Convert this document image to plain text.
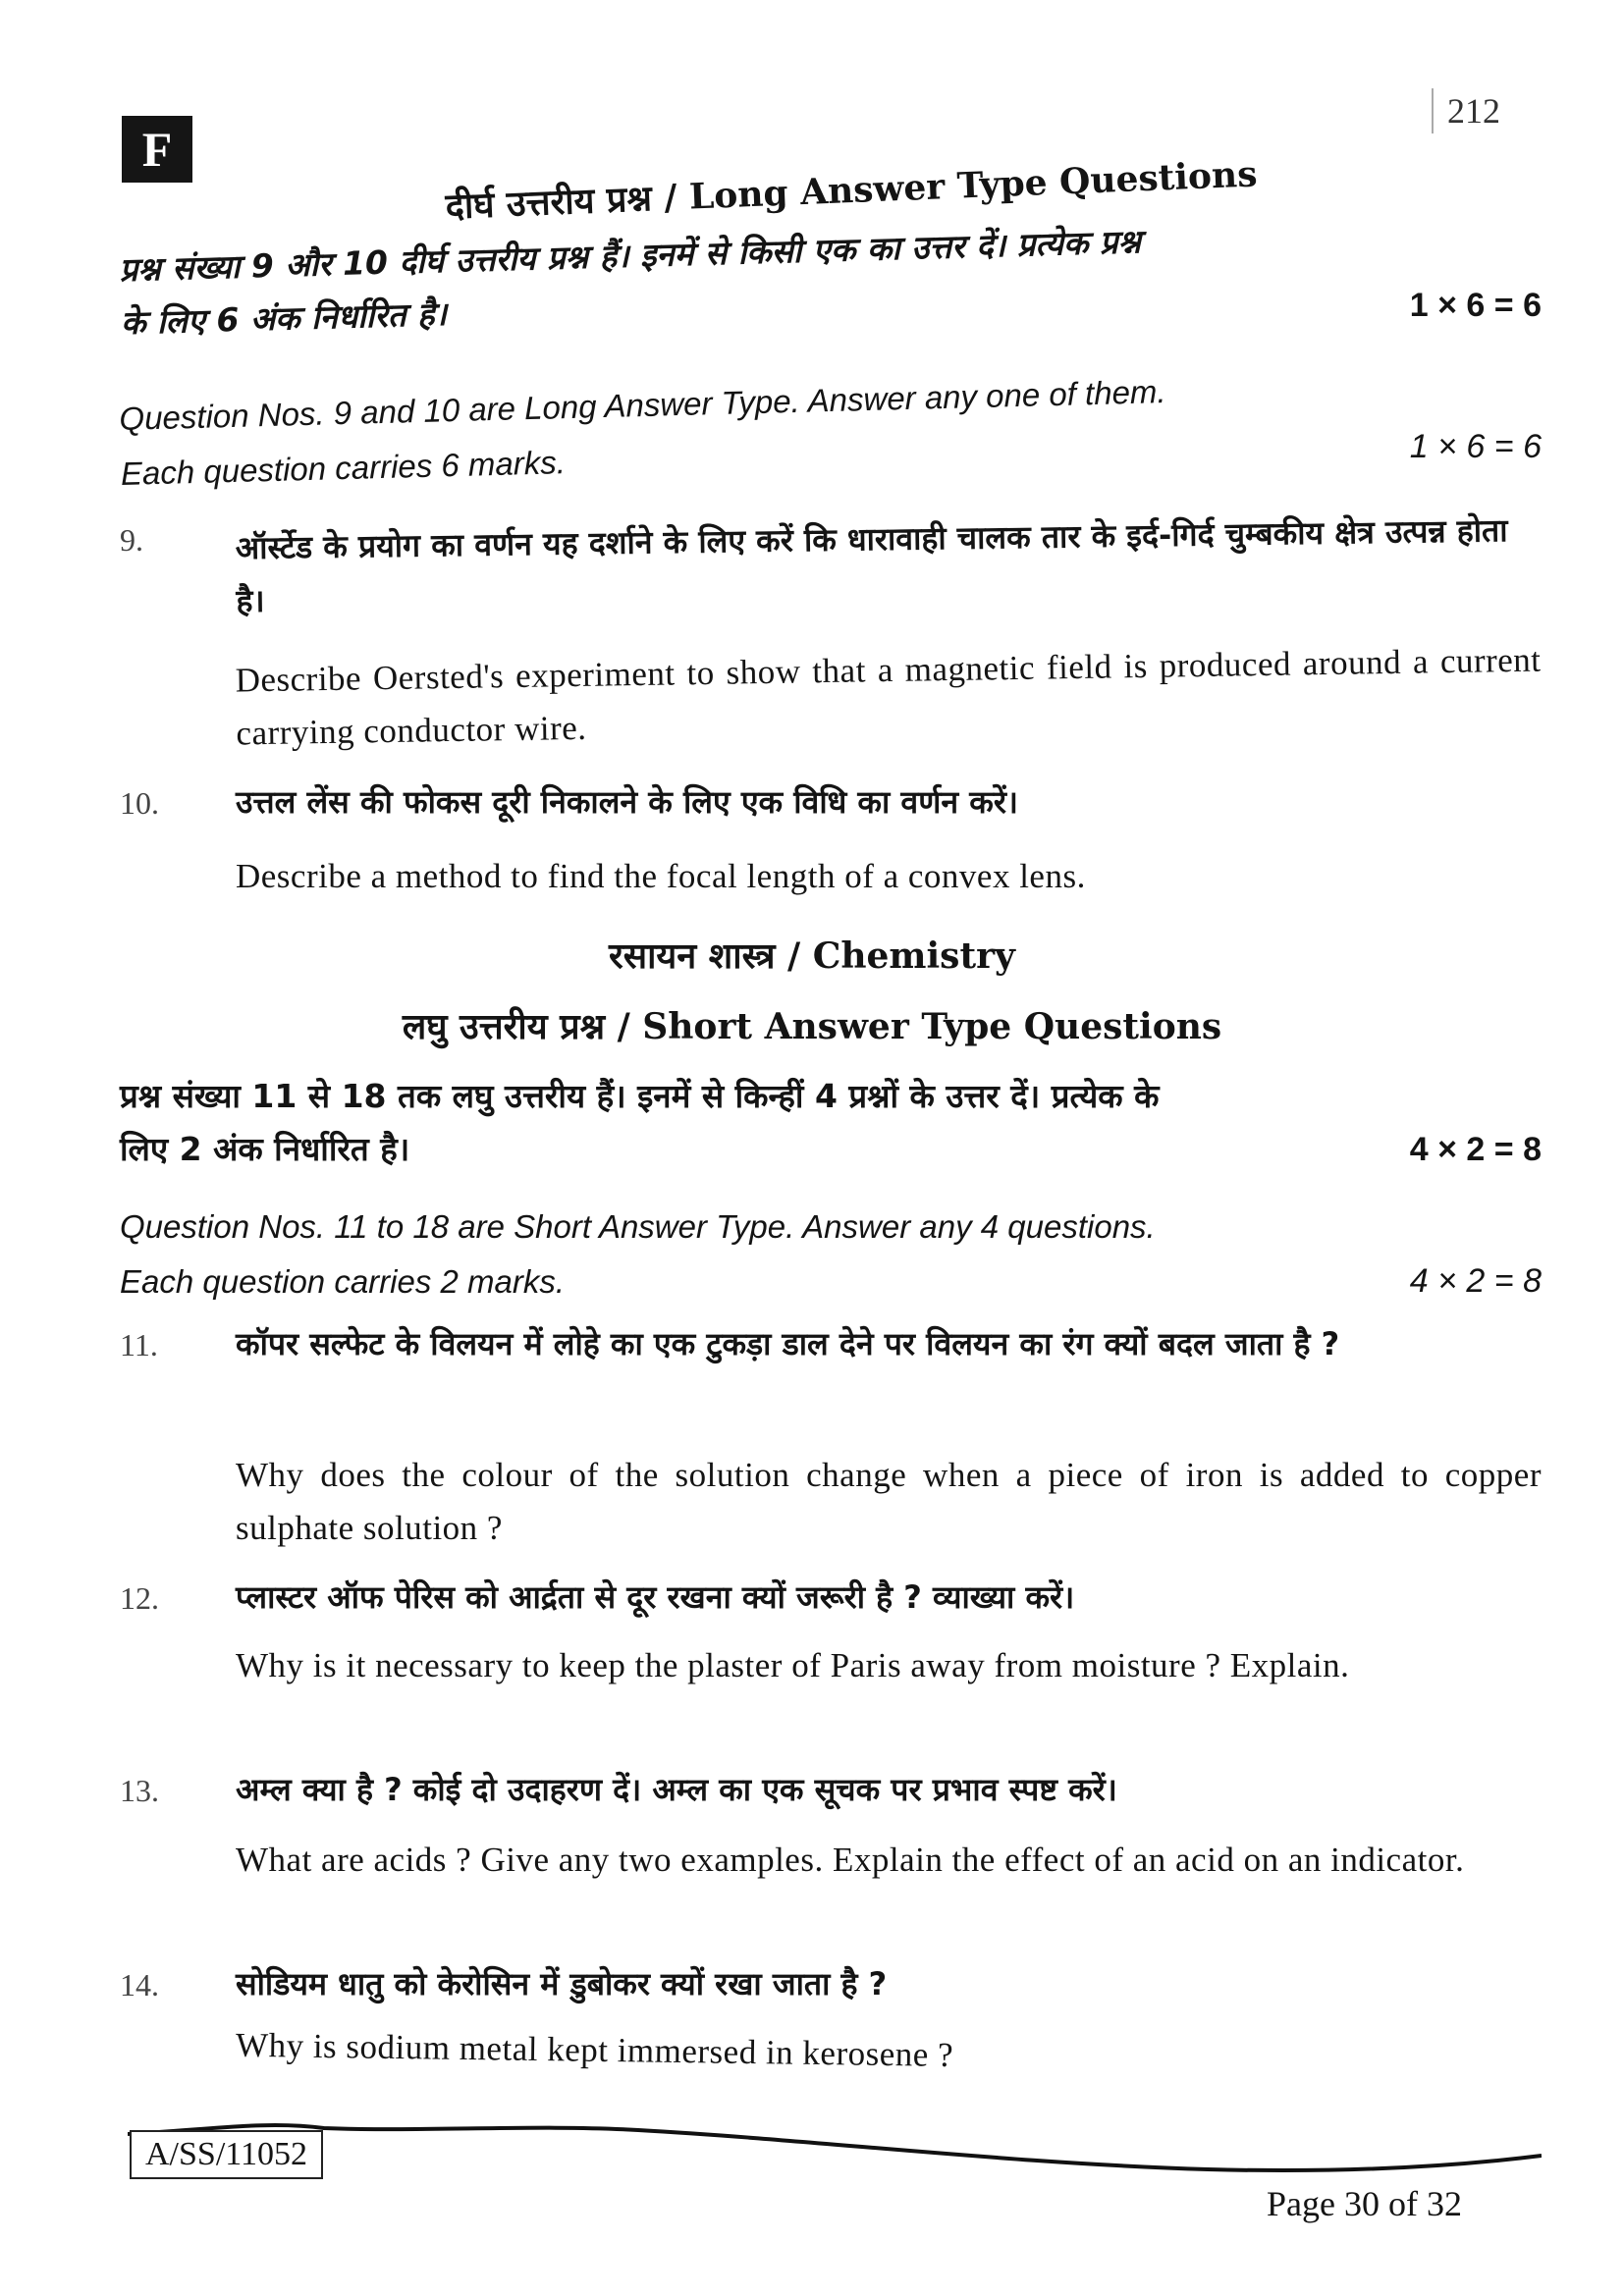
F
212
दीर्घ उत्तरीय प्रश्न / Long Answer Type Questions
प्रश्न संख्या 9 और 10 दीर्घ उत्तरीय प्रश्न हैं। इनमें से किसी एक का उत्तर दें। प्रत्येक प्रश्न
के लिए 6 अंक निर्धारित है।	1 × 6 = 6
Question Nos. 9 and 10 are Long Answer Type. Answer any one of them.
Each question carries 6 marks.	1 × 6 = 6
9.	ऑर्स्टेड के प्रयोग का वर्णन यह दर्शाने के लिए करें कि धारावाही चालक तार के इर्द-गिर्द चुम्बकीय क्षेत्र उत्पन्न होता है।
Describe Oersted's experiment to show that a magnetic field is produced around a current carrying conductor wire.
10. उत्तल लेंस की फोकस दूरी निकालने के लिए एक विधि का वर्णन करें।
Describe a method to find the focal length of a convex lens.
रसायन शास्त्र / Chemistry
लघु उत्तरीय प्रश्न / Short Answer Type Questions
प्रश्न संख्या 11 से 18 तक लघु उत्तरीय हैं। इनमें से किन्हीं 4 प्रश्नों के उत्तर दें। प्रत्येक के
लिए 2 अंक निर्धारित है।	4 × 2 = 8
Question Nos. 11 to 18 are Short Answer Type. Answer any 4 questions.
Each question carries 2 marks.	4 × 2 = 8
11. कॉपर सल्फेट के विलयन में लोहे का एक टुकड़ा डाल देने पर विलयन का रंग क्यों बदल जाता है ?
Why does the colour of the solution change when a piece of iron is added to copper sulphate solution ?
12. प्लास्टर ऑफ पेरिस को आर्द्रता से दूर रखना क्यों जरूरी है ? व्याख्या करें।
Why is it necessary to keep the plaster of Paris away from moisture ? Explain.
13. अम्ल क्या है ? कोई दो उदाहरण दें। अम्ल का एक सूचक पर प्रभाव स्पष्ट करें।
What are acids ? Give any two examples. Explain the effect of an acid on an indicator.
14. सोडियम धातु को केरोसिन में डुबोकर क्यों रखा जाता है ?
Why is sodium metal kept immersed in kerosene ?
A/SS/11052
Page 30 of 32
